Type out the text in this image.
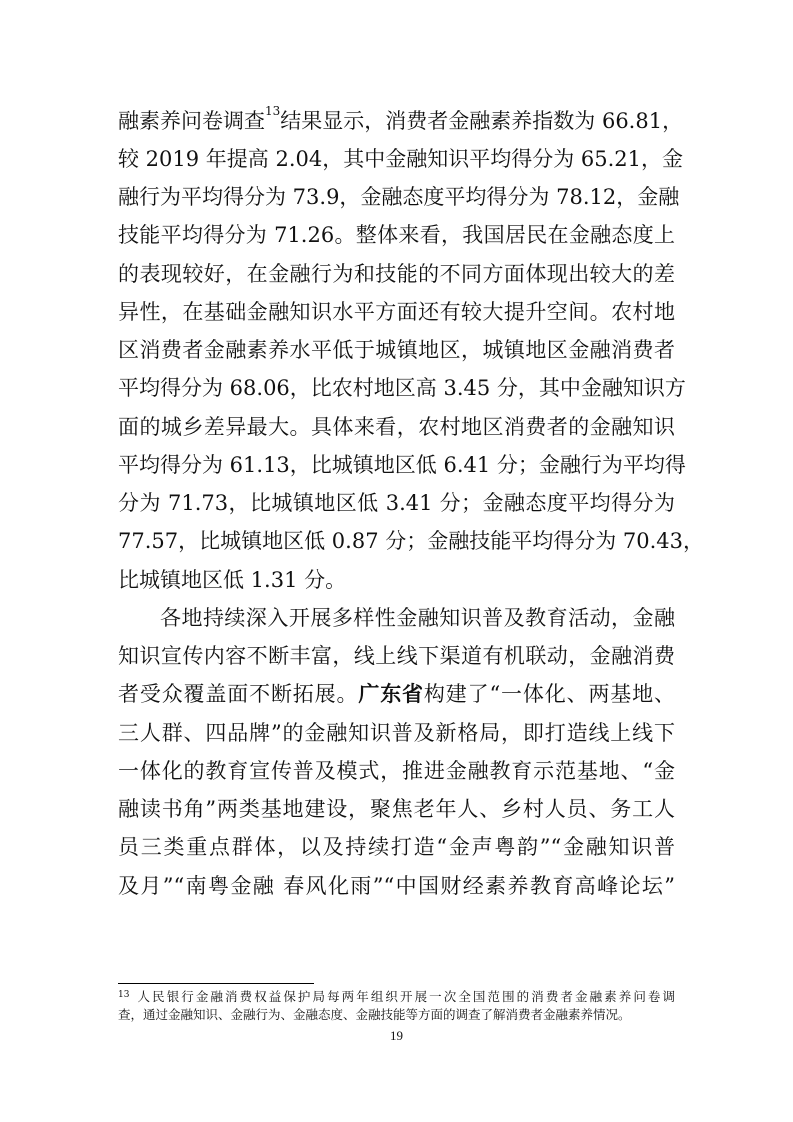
融素养问卷调查$^{13}$结果显示，消费者金融素养指数为 66.81，
较 2019 年提高 2.04，其中金融知识平均得分为 65.21，金
融行为平均得分为 73.9，金融态度平均得分为 78.12，金融
技能平均得分为 71.26。整体来看，我国居民在金融态度上
的表现较好，在金融行为和技能的不同方面体现出较大的差
异性，在基础金融知识水平方面还有较大提升空间。农村地
区消费者金融素养水平低于城镇地区，城镇地区金融消费者
平均得分为 68.06，比农村地区高 3.45 分，其中金融知识方
面的城乡差异最大。具体来看，农村地区消费者的金融知识
平均得分为 61.13，比城镇地区低 6.41 分；金融行为平均得
分为 71.73，比城镇地区低 3.41 分；金融态度平均得分为
77.57，比城镇地区低 0.87 分；金融技能平均得分为 70.43，
比城镇地区低 1.31 分。
各地持续深入开展多样性金融知识普及教育活动，金融
知识宣传内容不断丰富，线上线下渠道有机联动，金融消费
者受众覆盖面不断拓展。广东省构建了“一体化、两基地、
三人群、四品牌”的金融知识普及新格局，即打造线上线下
一体化的教育宣传普及模式，推进金融教育示范基地、“金
融读书角”两类基地建设，聚焦老年人、乡村人员、务工人
员三类重点群体，以及持续打造“金声粤韵”“金融知识普
及月”“南粤金融 春风化雨”“中国财经素养教育高峰论坛”
$^{13}$ 人民银行金融消费权益保护局每两年组织开展一次全国范围的消费者金融素养问卷调
查，通过金融知识、金融行为、金融态度、金融技能等方面的调查了解消费者金融素养情况。
19
